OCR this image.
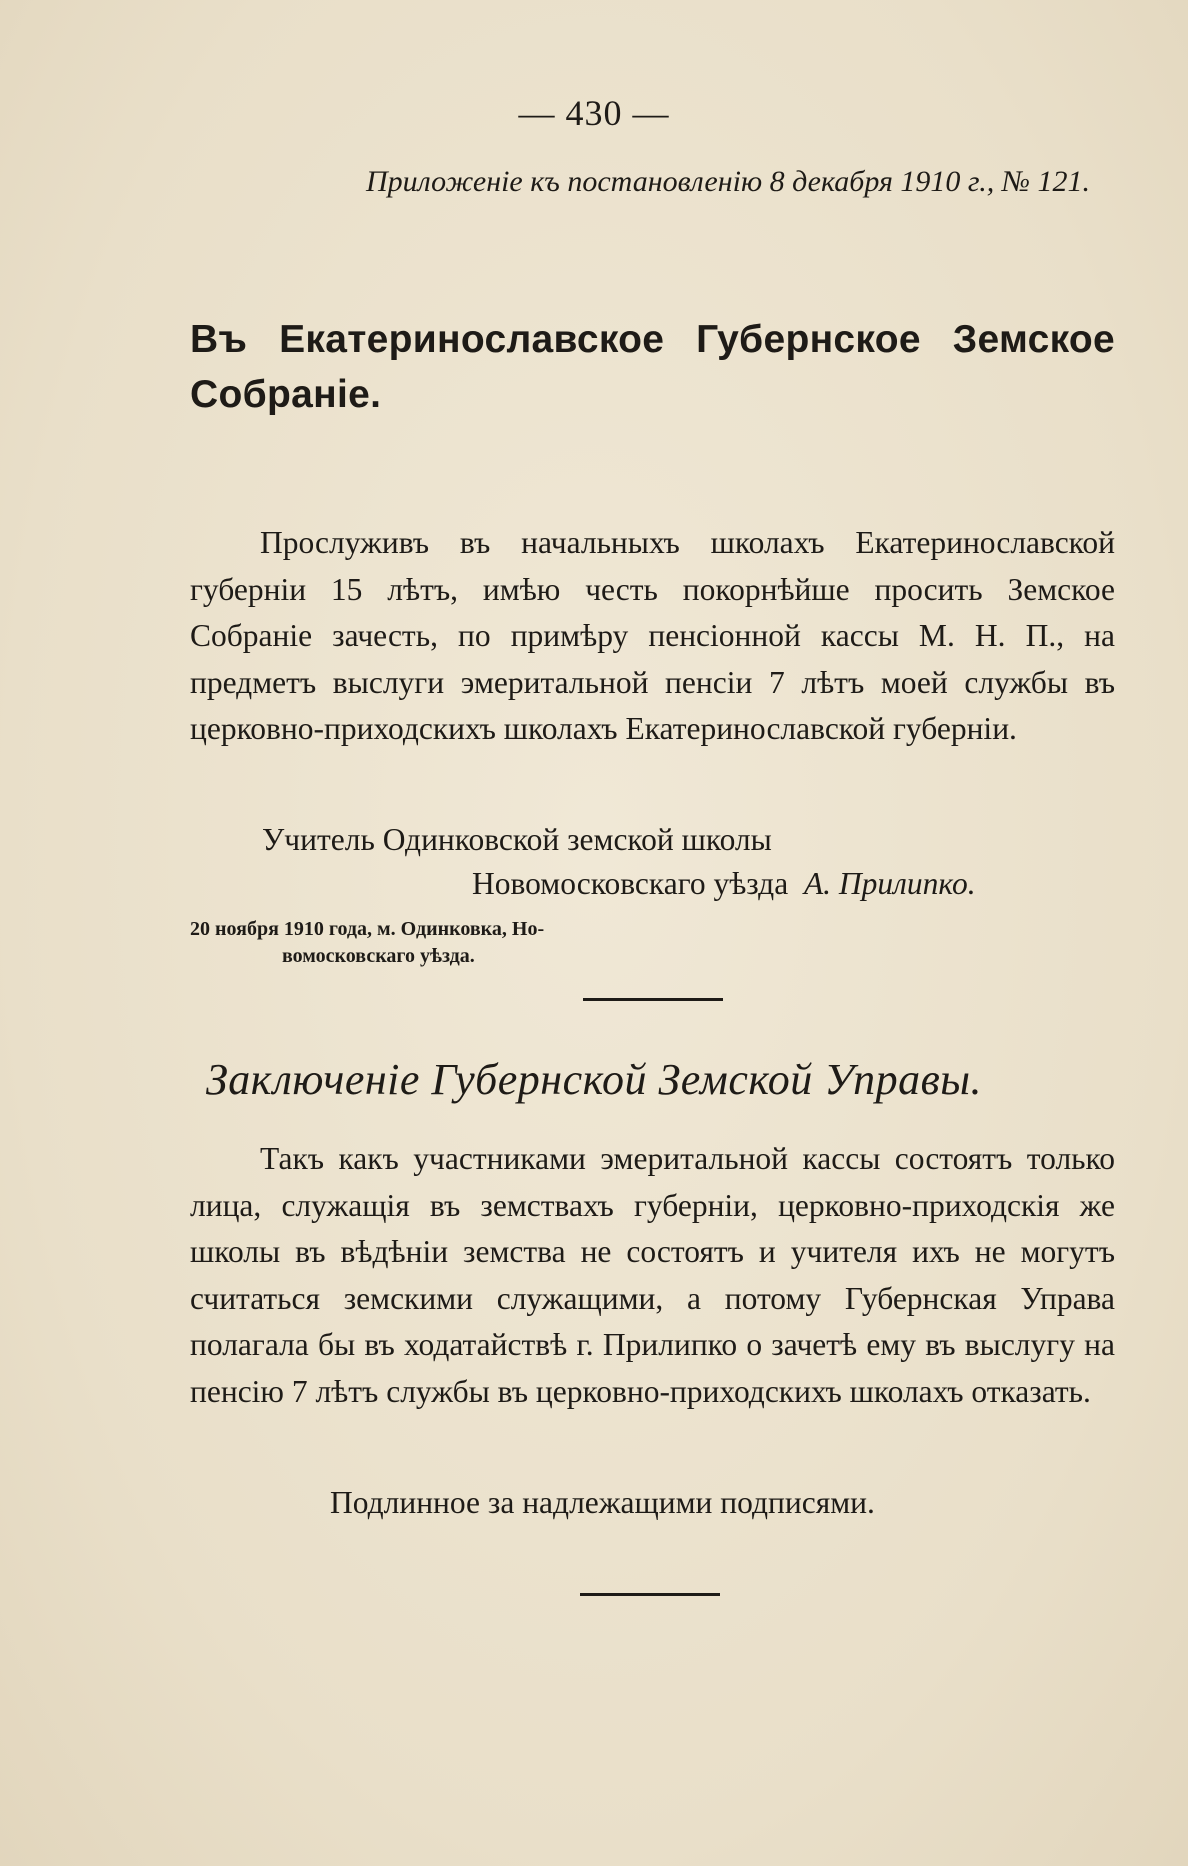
— 430 —
Приложеніе къ постановленію 8 декабря 1910 г., № 121.
Въ Екатеринославское Губернское Земское Собраніе.

Прослуживъ въ начальныхъ школахъ Екатеринославской губерніи 15 лѣтъ, имѣю честь покорнѣйше просить Земское Собраніе зачесть, по примѣру пенсіонной кассы М. Н. П., на предметъ выслуги эмеритальной пенсіи 7 лѣтъ моей службы въ церковно-приходскихъ школахъ Екатеринославской губерніи.

Учитель Одинковской земской школы
Новомосковскаго уѣзда А. Прилипко.
20 ноября 1910 года, м. Одинковка, Но-
вомосковскаго уѣзда.
Заключеніе Губернской Земской Управы.

Такъ какъ участниками эмеритальной кассы состоятъ только лица, служащія въ земствахъ губерніи, церковно-приходскія же школы въ вѣдѣніи земства не состоятъ и учителя ихъ не могутъ считаться земскими служащими, а потому Губернская Управа полагала бы въ ходатайствѣ г. Прилипко о зачетѣ ему въ выслугу на пенсію 7 лѣтъ службы въ церковно-приходскихъ школахъ отказать.

Подлинное за надлежащими подписями.
